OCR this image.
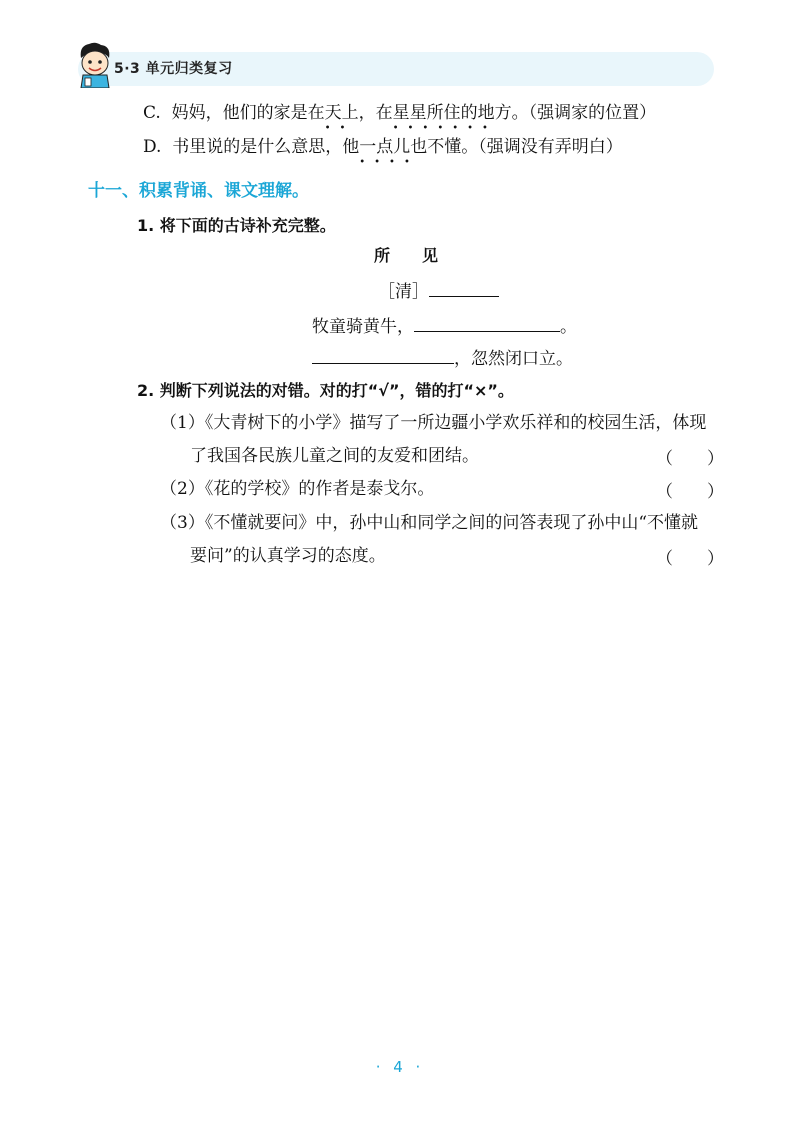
5·3 单元归类复习
C. 妈妈，他们的家是在天上
••
，在星星所住的地方
•••••••
。（强调家的位置）
D. 书里说的是什么意思，他一点儿也
••••
不懂。（强调没有弄明白）
十一、积累背诵、课文理解。
1. 将下面的古诗补充完整。
所　　见
［清］
牧童骑黄牛，	。
，忽然闭口立。
2. 判断下列说法的对错。对的打“√”，错的打“×”。
（1）《大青树下的小学》描写了一所边疆小学欢乐祥和的校园生活，体现
了我国各民族儿童之间的友爱和团结。	（　　）
（2）《花的学校》的作者是泰戈尔。	（　　）
（3）《不懂就要问》中，孙中山和同学之间的问答表现了孙中山“不懂就
要问”的认真学习的态度。	（　　）
· 4 ·
